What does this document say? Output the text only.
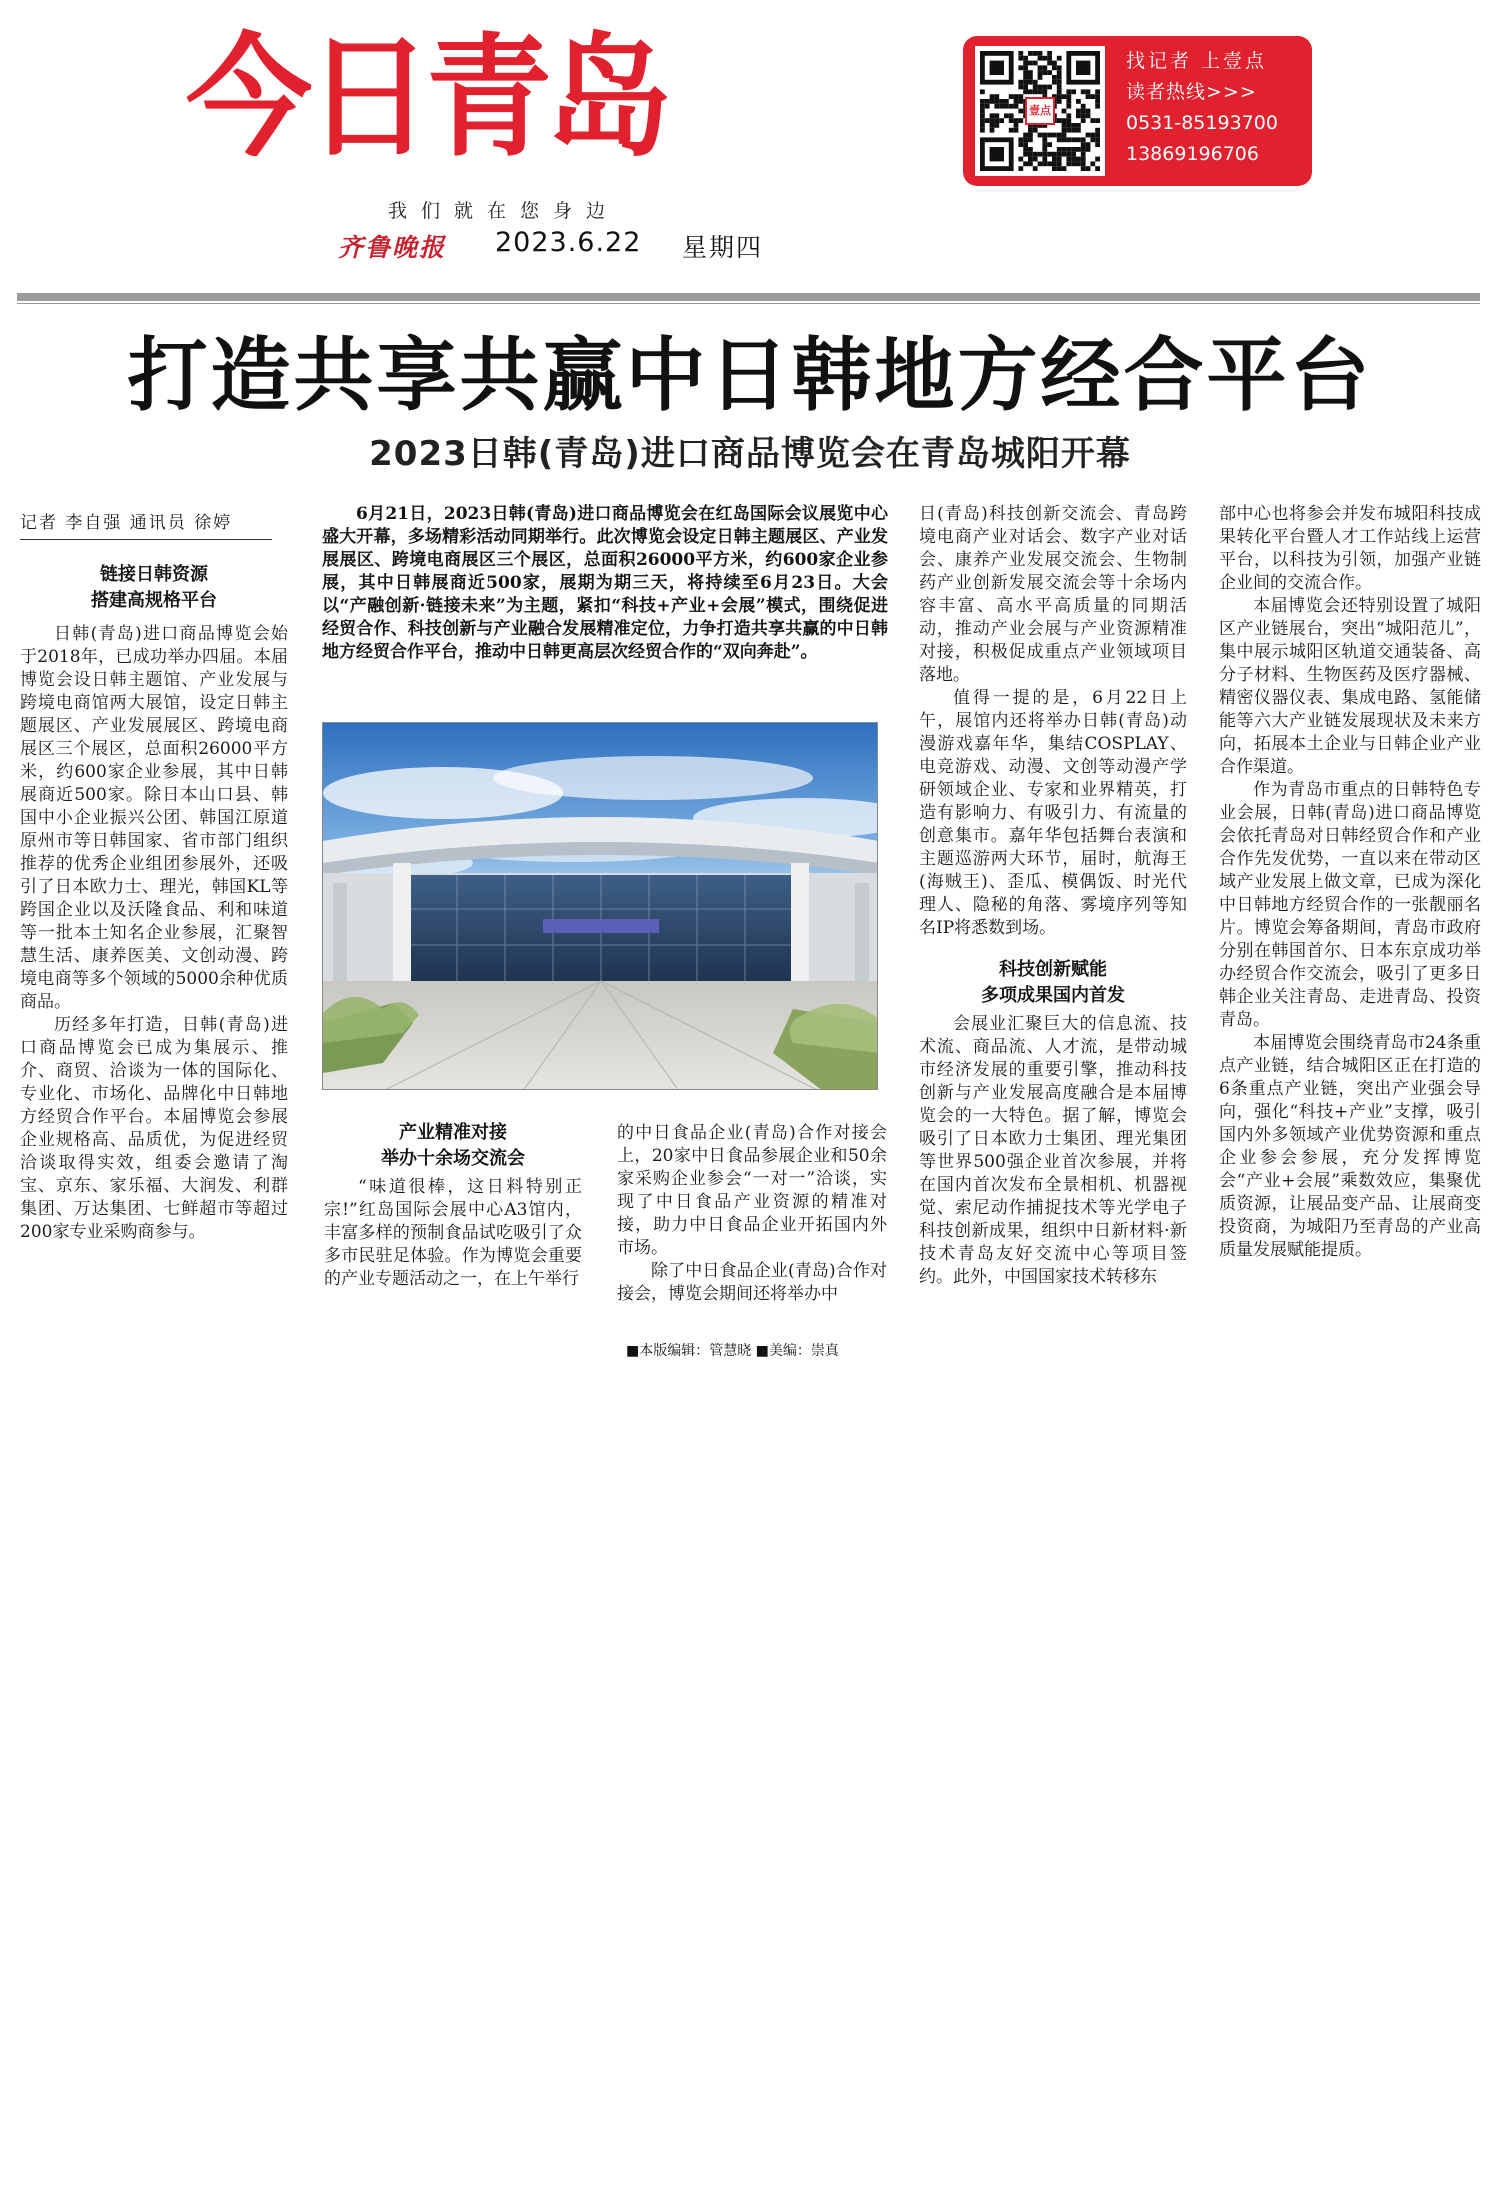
今日青岛
我们就在您身边
齐鲁晚报 2023.6.22 星期四
壹点
找记者 上壹点
读者热线>>>
0531-85193700
13869196706
打造共享共赢中日韩地方经合平台
2023日韩(青岛)进口商品博览会在青岛城阳开幕
记者 李自强 通讯员 徐婷
链接日韩资源
搭建高规格平台

日韩(青岛)进口商品博览会始于2018年，已成功举办四届。本届博览会设日韩主题馆、产业发展与跨境电商馆两大展馆，设定日韩主题展区、产业发展展区、跨境电商展区三个展区，总面积26000平方米，约600家企业参展，其中日韩展商近500家。除日本山口县、韩国中小企业振兴公团、韩国江原道原州市等日韩国家、省市部门组织推荐的优秀企业组团参展外，还吸引了日本欧力士、理光，韩国KL等跨国企业以及沃隆食品、利和味道等一批本土知名企业参展，汇聚智慧生活、康养医美、文创动漫、跨境电商等多个领域的5000余种优质商品。

历经多年打造，日韩(青岛)进口商品博览会已成为集展示、推介、商贸、洽谈为一体的国际化、专业化、市场化、品牌化中日韩地方经贸合作平台。本届博览会参展企业规格高、品质优，为促进经贸洽谈取得实效，组委会邀请了淘宝、京东、家乐福、大润发、利群集团、万达集团、七鲜超市等超过200家专业采购商参与。

6月21日，2023日韩(青岛)进口商品博览会在红岛国际会议展览中心盛大开幕，多场精彩活动同期举行。此次博览会设定日韩主题展区、产业发展展区、跨境电商展区三个展区，总面积26000平方米，约600家企业参展，其中日韩展商近500家，展期为期三天，将持续至6月23日。大会以“产融创新·链接未来”为主题，紧扣“科技+产业+会展”模式，围绕促进经贸合作、科技创新与产业融合发展精准定位，力争打造共享共赢的中日韩地方经贸合作平台，推动中日韩更高层次经贸合作的“双向奔赴”。
产业精准对接
举办十余场交流会

“味道很棒，这日料特别正宗!”红岛国际会展中心A3馆内，丰富多样的预制食品试吃吸引了众多市民驻足体验。作为博览会重要的产业专题活动之一，在上午举行

的中日食品企业(青岛)合作对接会上，20家中日食品参展企业和50余家采购企业参会“一对一”洽谈，实现了中日食品产业资源的精准对接，助力中日食品企业开拓国内外市场。

除了中日食品企业(青岛)合作对接会，博览会期间还将举办中

日(青岛)科技创新交流会、青岛跨境电商产业对话会、数字产业对话会、康养产业发展交流会、生物制药产业创新发展交流会等十余场内容丰富、高水平高质量的同期活动，推动产业会展与产业资源精准对接，积极促成重点产业领域项目落地。

值得一提的是，6月22日上午，展馆内还将举办日韩(青岛)动漫游戏嘉年华，集结COSPLAY、电竞游戏、动漫、文创等动漫产学研领域企业、专家和业界精英，打造有影响力、有吸引力、有流量的创意集市。嘉年华包括舞台表演和主题巡游两大环节，届时，航海王(海贼王)、歪瓜、模偶饭、时光代理人、隐秘的角落、雾境序列等知名IP将悉数到场。

科技创新赋能
多项成果国内首发

会展业汇聚巨大的信息流、技术流、商品流、人才流，是带动城市经济发展的重要引擎，推动科技创新与产业发展高度融合是本届博览会的一大特色。据了解，博览会吸引了日本欧力士集团、理光集团等世界500强企业首次参展，并将在国内首次发布全景相机、机器视觉、索尼动作捕捉技术等光学电子科技创新成果，组织中日新材料·新技术青岛友好交流中心等项目签约。此外，中国国家技术转移东

部中心也将参会并发布城阳科技成果转化平台暨人才工作站线上运营平台，以科技为引领，加强产业链企业间的交流合作。

本届博览会还特别设置了城阳区产业链展台，突出“城阳范儿”，集中展示城阳区轨道交通装备、高分子材料、生物医药及医疗器械、精密仪器仪表、集成电路、氢能储能等六大产业链发展现状及未来方向，拓展本土企业与日韩企业产业合作渠道。

作为青岛市重点的日韩特色专业会展，日韩(青岛)进口商品博览会依托青岛对日韩经贸合作和产业合作先发优势，一直以来在带动区域产业发展上做文章，已成为深化中日韩地方经贸合作的一张靓丽名片。博览会筹备期间，青岛市政府分别在韩国首尔、日本东京成功举办经贸合作交流会，吸引了更多日韩企业关注青岛、走进青岛、投资青岛。

本届博览会围绕青岛市24条重点产业链，结合城阳区正在打造的6条重点产业链，突出产业强会导向，强化“科技+产业”支撑，吸引国内外多领域产业优势资源和重点企业参会参展，充分发挥博览会“产业+会展”乘数效应，集聚优质资源，让展品变产品、让展商变投资商，为城阳乃至青岛的产业高质量发展赋能提质。

■本版编辑：管慧晓 ■美编：崇真
